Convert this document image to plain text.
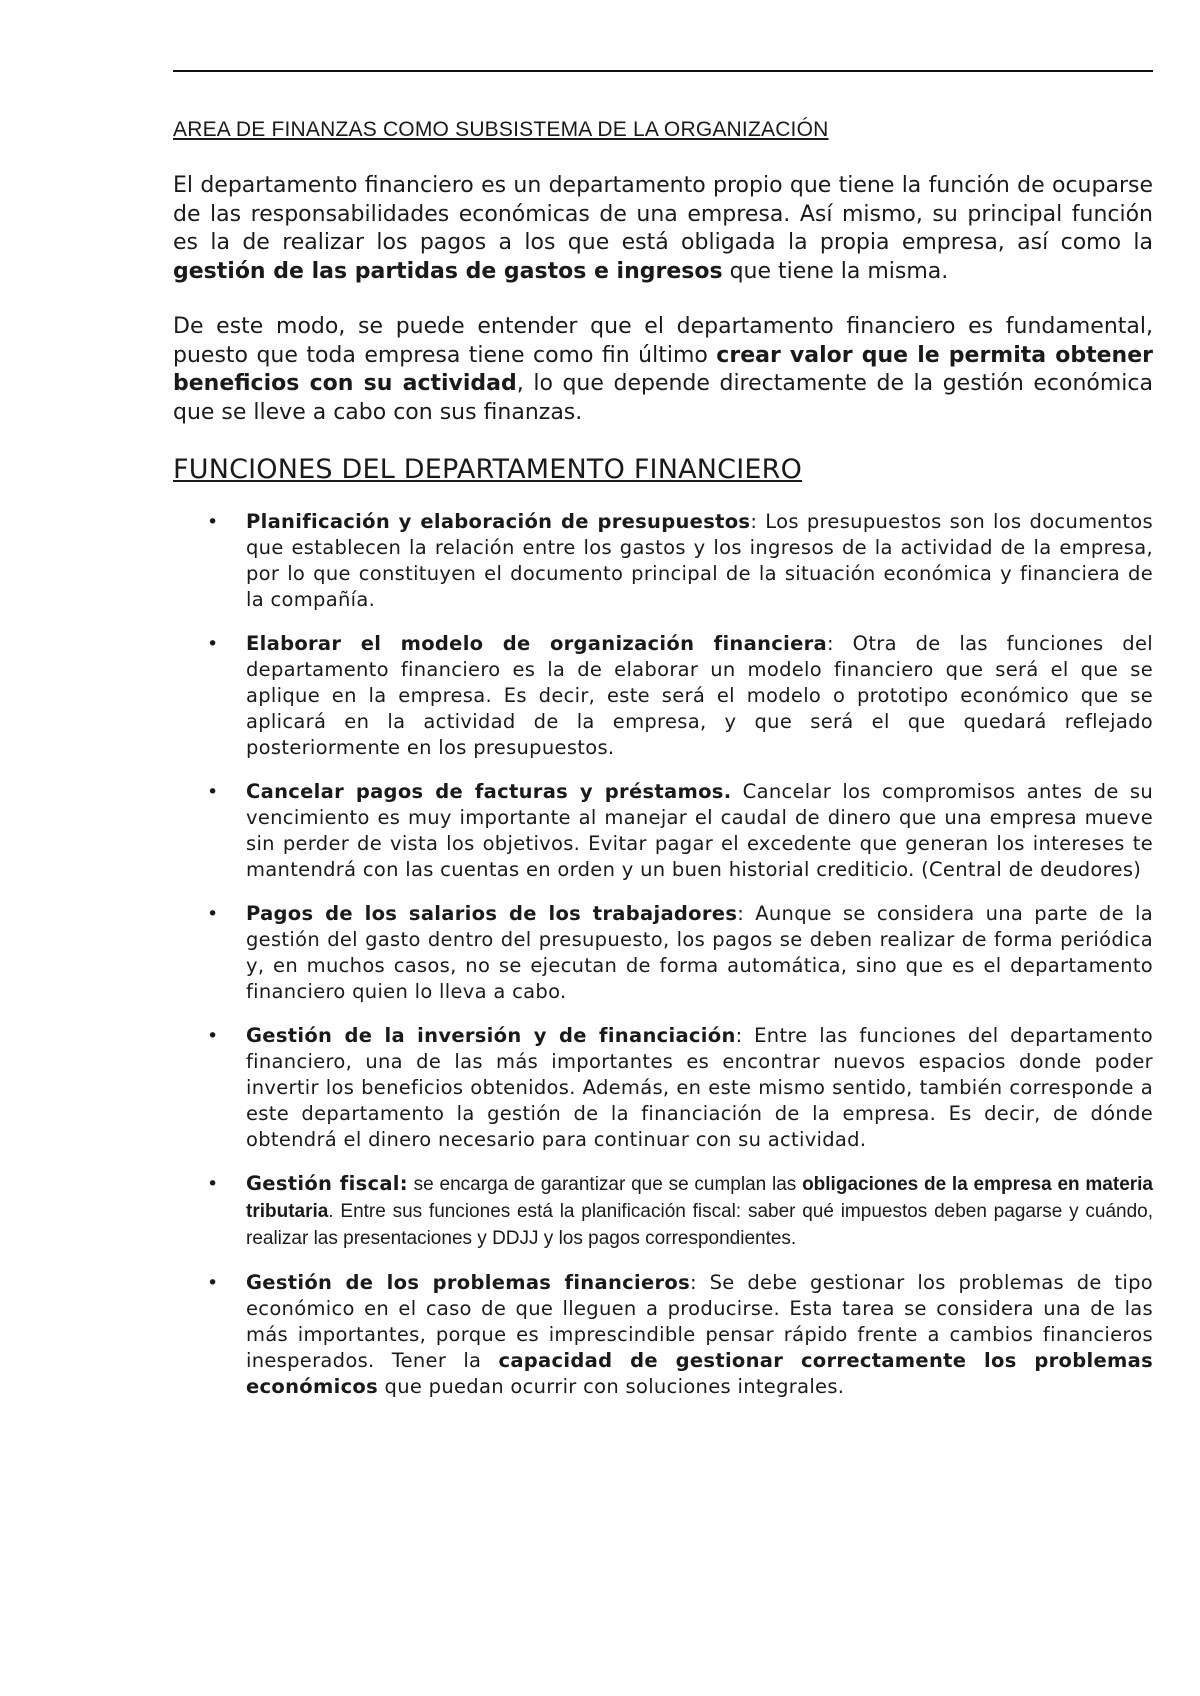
AREA DE FINANZAS COMO SUBSISTEMA DE LA ORGANIZACIÓN

El departamento financiero es un departamento propio que tiene la función de ocuparse de las responsabilidades económicas de una empresa. Así mismo, su principal función es la de realizar los pagos a los que está obligada la propia empresa, así como la gestión de las partidas de gastos e ingresos que tiene la misma.

De este modo, se puede entender que el departamento financiero es fundamental, puesto que toda empresa tiene como fin último crear valor que le permita obtener beneficios con su actividad, lo que depende directamente de la gestión económica que se lleve a cabo con sus finanzas.

FUNCIONES DEL DEPARTAMENTO FINANCIERO
• Planificación y elaboración de presupuestos: Los presupuestos son los documentos que establecen la relación entre los gastos y los ingresos de la actividad de la empresa, por lo que constituyen el documento principal de la situación económica y financiera de la compañía.
• Elaborar el modelo de organización financiera: Otra de las funciones del departamento financiero es la de elaborar un modelo financiero que será el que se aplique en la empresa. Es decir, este será el modelo o prototipo económico que se aplicará en la actividad de la empresa, y que será el que quedará reflejado posteriormente en los presupuestos.
• Cancelar pagos de facturas y préstamos. Cancelar los compromisos antes de su vencimiento es muy importante al manejar el caudal de dinero que una empresa mueve sin perder de vista los objetivos. Evitar pagar el excedente que generan los intereses te mantendrá con las cuentas en orden y un buen historial crediticio. (Central de deudores)
• Pagos de los salarios de los trabajadores: Aunque se considera una parte de la gestión del gasto dentro del presupuesto, los pagos se deben realizar de forma periódica y, en muchos casos, no se ejecutan de forma automática, sino que es el departamento financiero quien lo lleva a cabo.
• Gestión de la inversión y de financiación: Entre las funciones del departamento financiero, una de las más importantes es encontrar nuevos espacios donde poder invertir los beneficios obtenidos. Además, en este mismo sentido, también corresponde a este departamento la gestión de la financiación de la empresa. Es decir, de dónde obtendrá el dinero necesario para continuar con su actividad.
• Gestión fiscal: se encarga de garantizar que se cumplan las obligaciones de la empresa en materia tributaria. Entre sus funciones está la planificación fiscal: saber qué impuestos deben pagarse y cuándo, realizar las presentaciones y DDJJ y los pagos correspondientes.
• Gestión de los problemas financieros: Se debe gestionar los problemas de tipo económico en el caso de que lleguen a producirse. Esta tarea se considera una de las más importantes, porque es imprescindible pensar rápido frente a cambios financieros inesperados. Tener la capacidad de gestionar correctamente los problemas económicos que puedan ocurrir con soluciones integrales.
